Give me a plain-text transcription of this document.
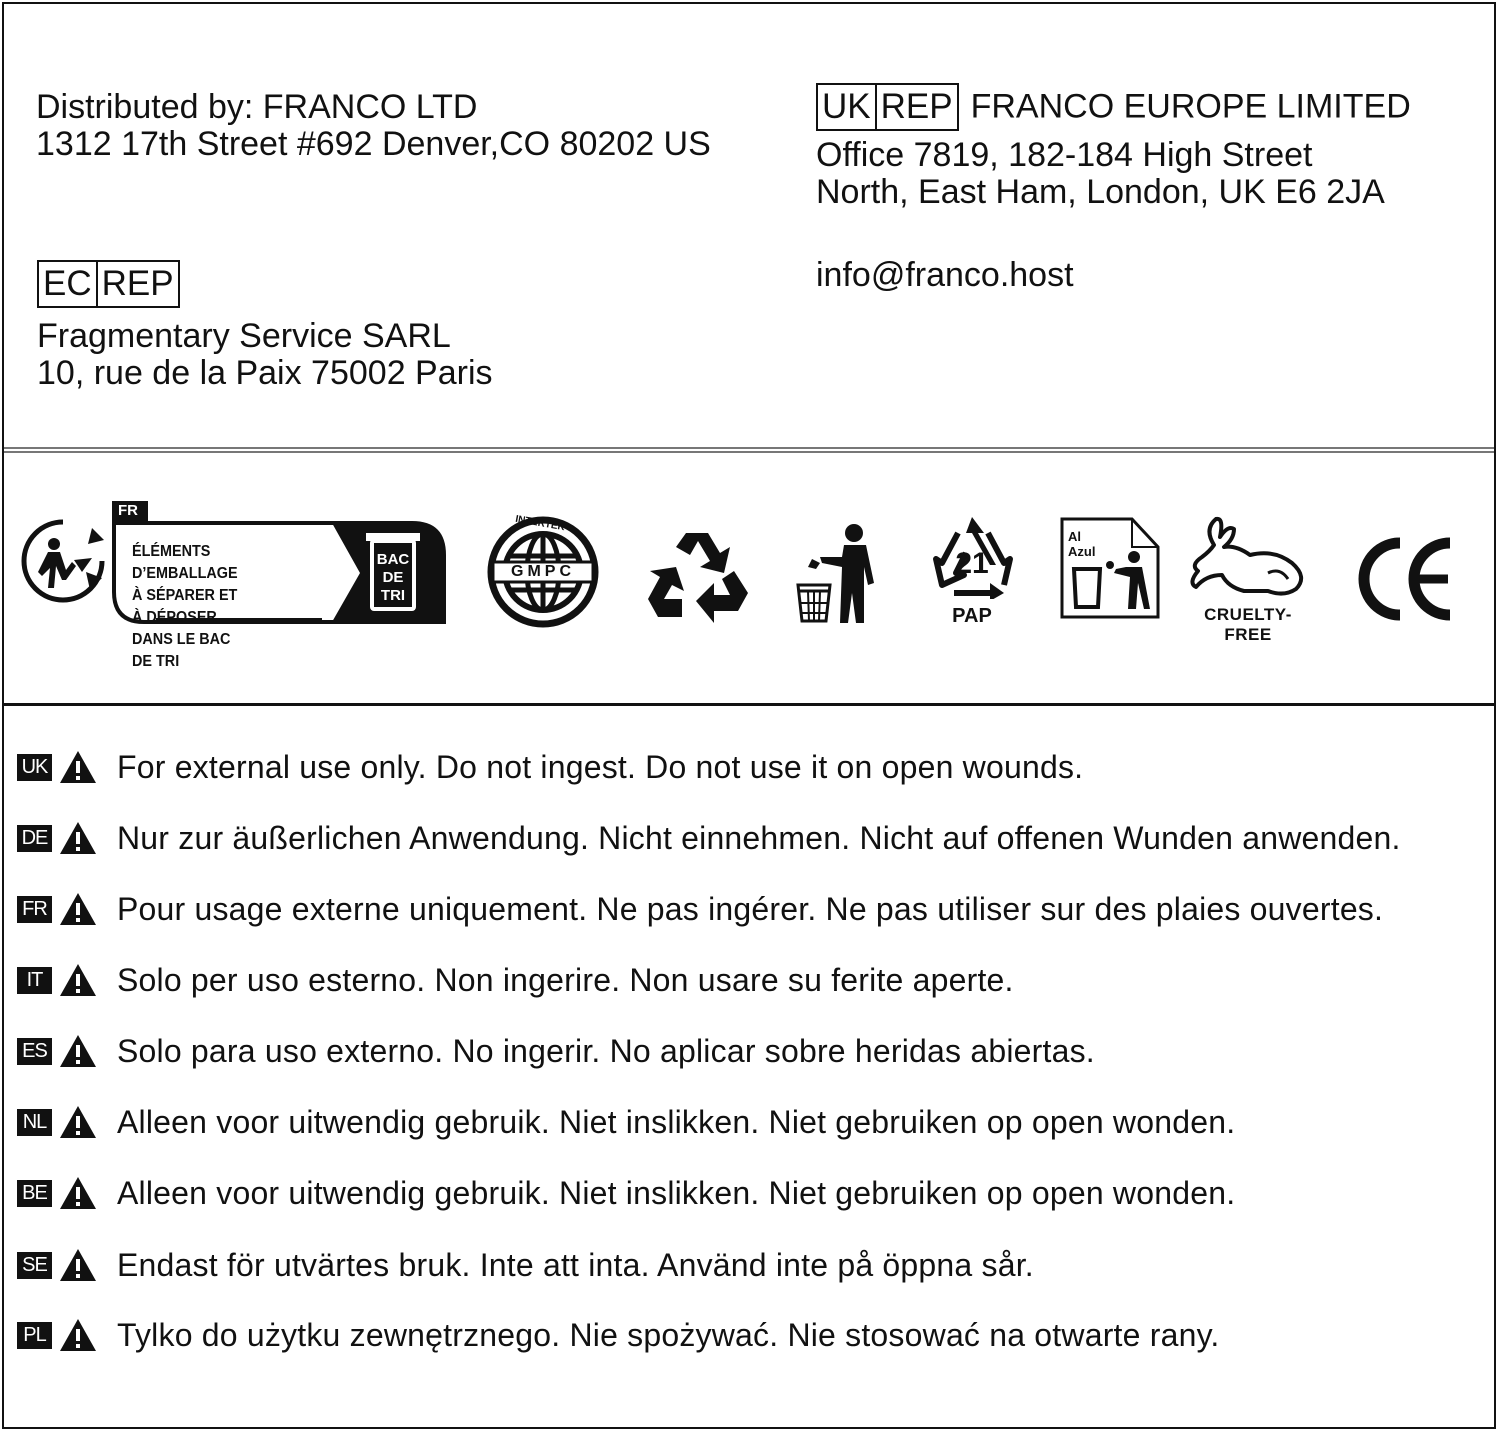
Distributed by: FRANCO LTD
1312 17th Street #692 Denver,CO 80202 US
EC REP
Fragmentary Service SARL
10, rue de la Paix 75002 Paris
UK REP FRANCO EUROPE LIMITED
Office 7819, 182-184 High Street
North, East Ham, London, UK E6 2JA
info@franco.host
FR
ÉLÉMENTS D’EMBALLAGE
À SÉPARER ET À DÉPOSER
DANS LE BAC DE TRI
BAC
DE
TRI
INTERTEK
GMPC	21
PAP
Al Azul
CRUELTY-FREE
UK For external use only. Do not ingest. Do not use it on open wounds.
DE Nur zur äußerlichen Anwendung. Nicht einnehmen. Nicht auf offenen Wunden anwenden.
FR Pour usage externe uniquement. Ne pas ingérer. Ne pas utiliser sur des plaies ouvertes.
IT	Solo per uso esterno. Non ingerire. Non usare su ferite aperte.
ES Solo para uso externo. No ingerir. No aplicar sobre heridas abiertas.
NL Alleen voor uitwendig gebruik. Niet inslikken. Niet gebruiken op open wonden.
BE Alleen voor uitwendig gebruik. Niet inslikken. Niet gebruiken op open wonden.
SE Endast för utvärtes bruk. Inte att inta. Använd inte på öppna sår.
PL Tylko do użytku zewnętrznego. Nie spożywać. Nie stosować na otwarte rany.
